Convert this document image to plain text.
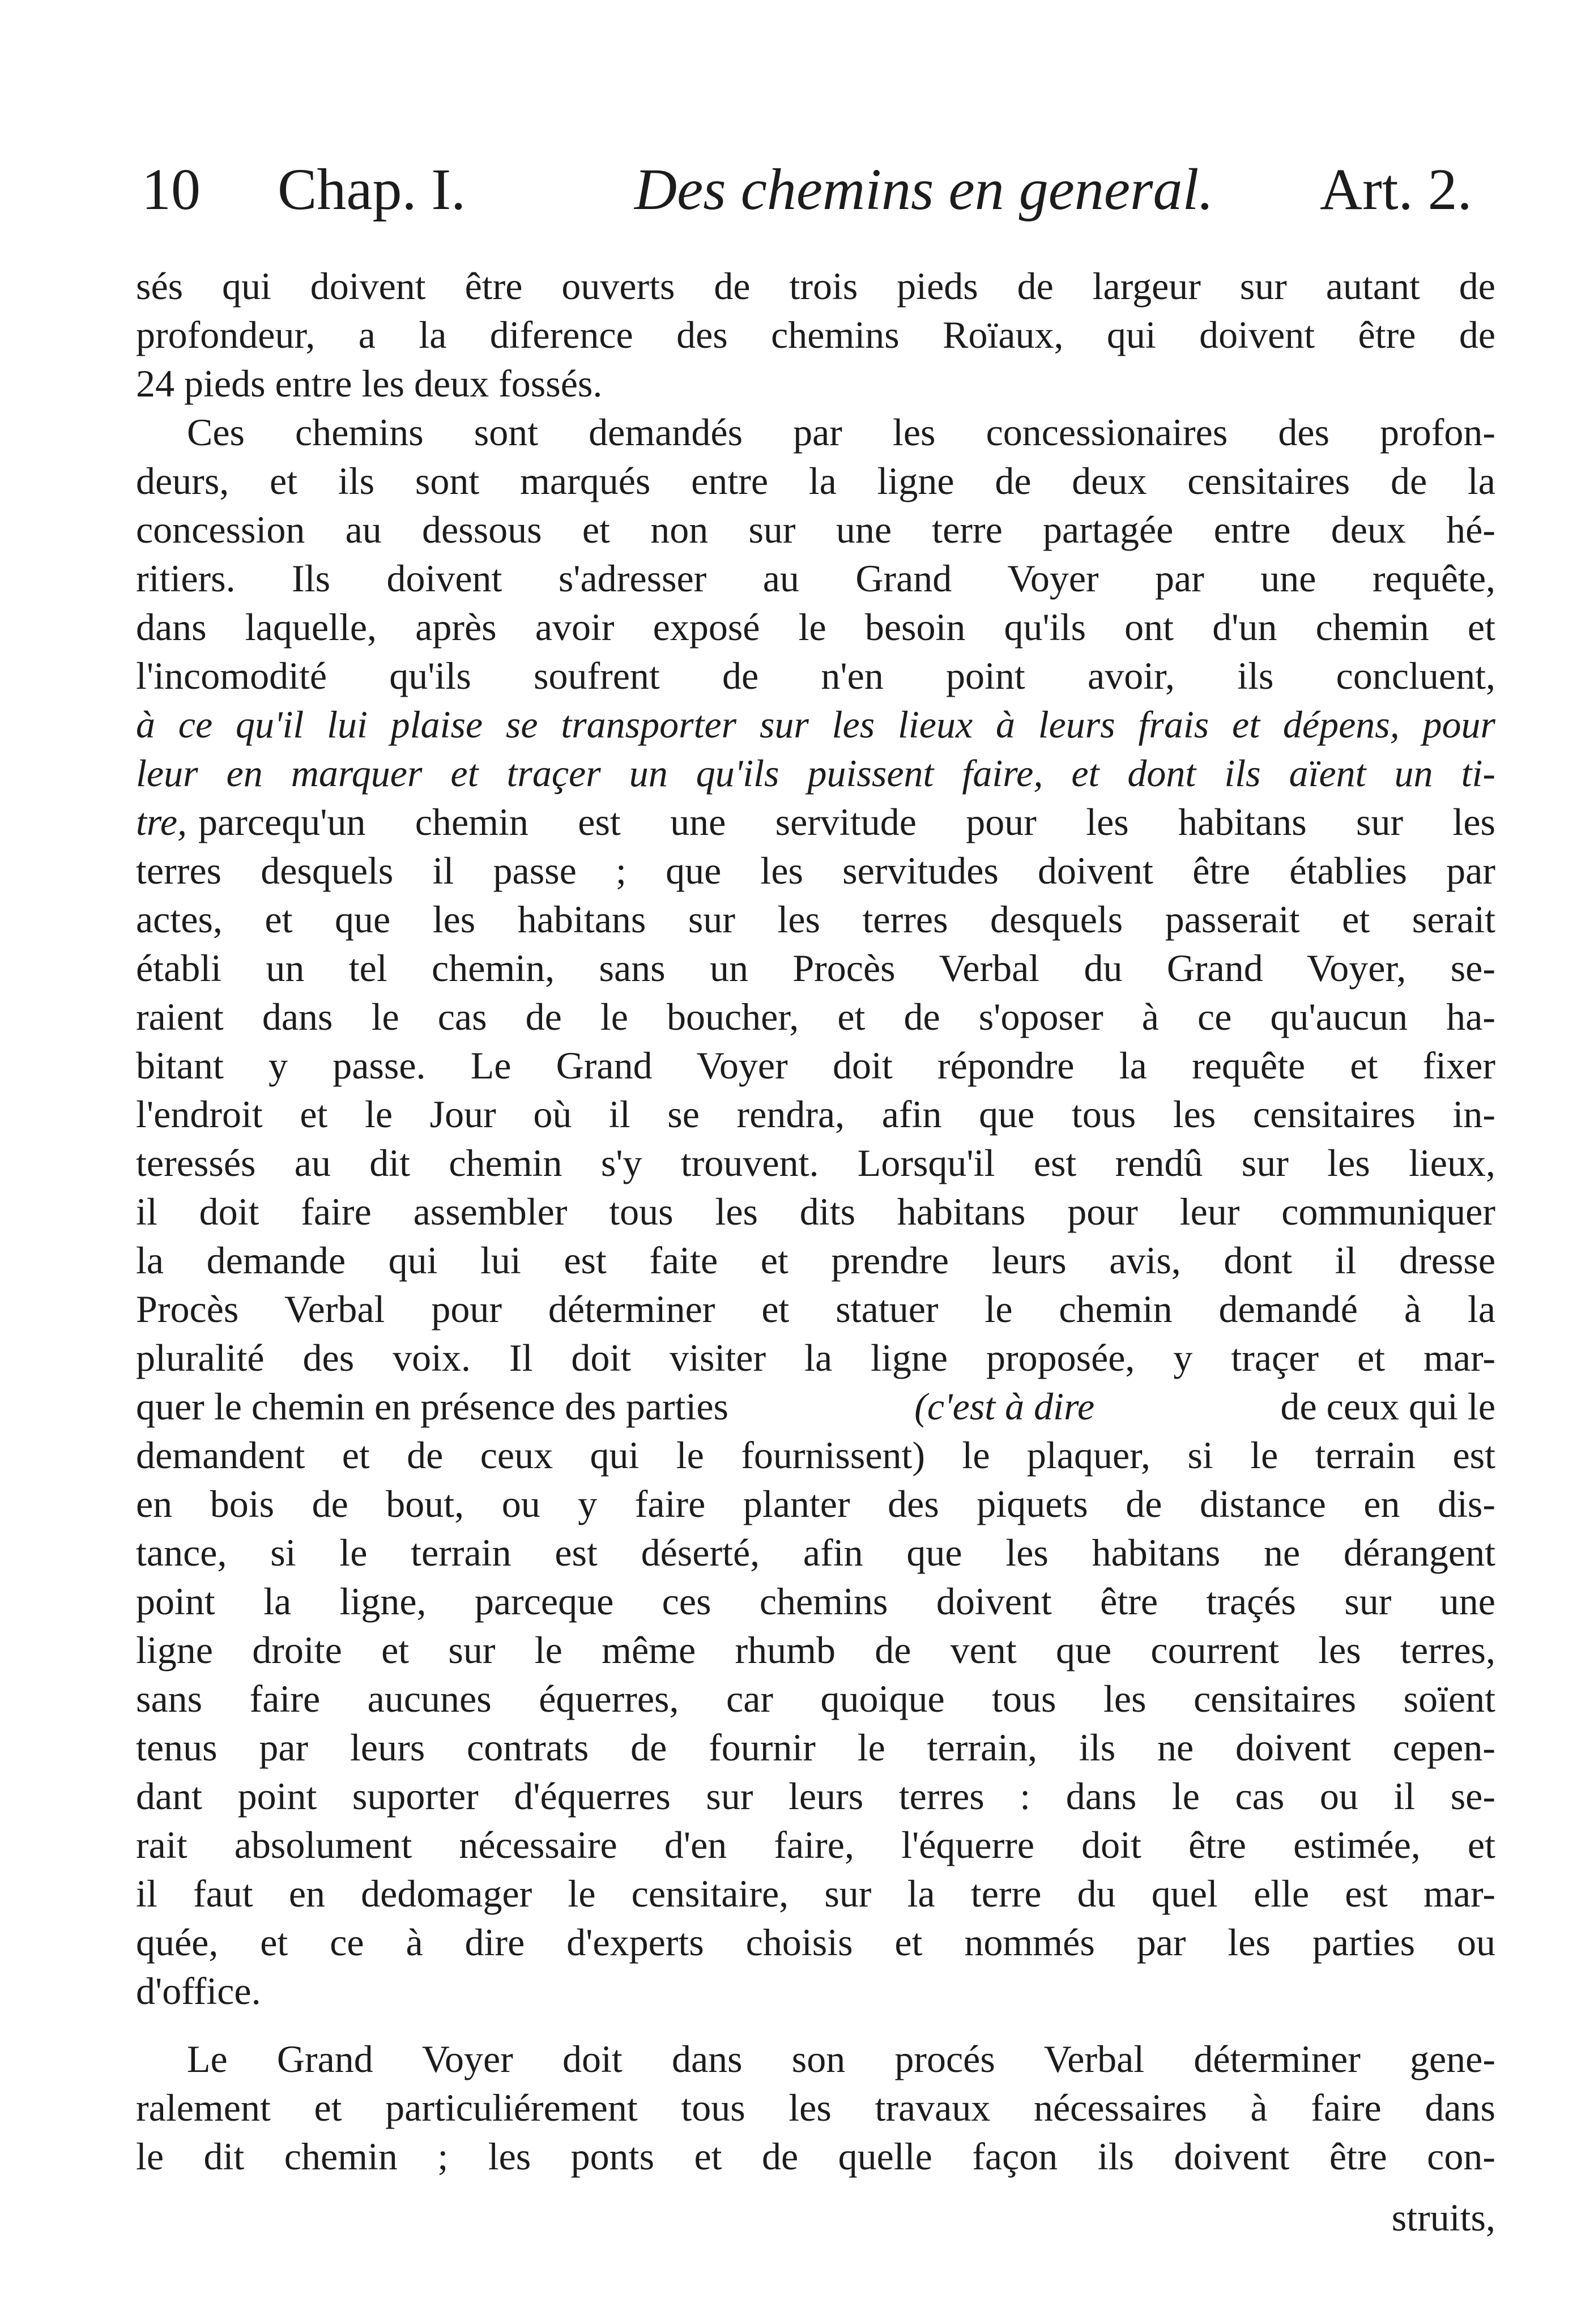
10 Chap. I.	Des chemins en general. Art. 2.
sés qui doivent être ouverts de trois pieds de largeur sur autant de
profondeur, a la diference des chemins Roïaux, qui doivent être de
24 pieds entre les deux fossés.
Ces chemins sont demandés par les concessionaires des profon-
deurs, et ils sont marqués entre la ligne de deux censitaires de la
concession au dessous et non sur une terre partagée entre deux hé-
ritiers. Ils doivent s'adresser au Grand Voyer par une requête,
dans laquelle, après avoir exposé le besoin qu'ils ont d'un chemin et
l'incomodité qu'ils soufrent de n'en point avoir, ils concluent,
à ce qu'il lui plaise se transporter sur les lieux à leurs frais et dépens, pour
leur en marquer et traçer un qu'ils puissent faire, et dont ils aïent un ti-
tre, parcequ'un chemin est une servitude pour les habitans sur les
terres desquels il passe ; que les servitudes doivent être établies par
actes, et que les habitans sur les terres desquels passerait et serait
établi un tel chemin, sans un Procès Verbal du Grand Voyer, se-
raient dans le cas de le boucher, et de s'oposer à ce qu'aucun ha-
bitant y passe. Le Grand Voyer doit répondre la requête et fixer
l'endroit et le Jour où il se rendra, afin que tous les censitaires in-
teressés au dit chemin s'y trouvent. Lorsqu'il est rendû sur les lieux,
il doit faire assembler tous les dits habitans pour leur communiquer
la demande qui lui est faite et prendre leurs avis, dont il dresse
Procès Verbal pour déterminer et statuer le chemin demandé à la
pluralité des voix. Il doit visiter la ligne proposée, y traçer et mar-
quer le chemin en présence des parties	(c'est à dire	de ceux qui le
demandent et de ceux qui le fournissent) le plaquer, si le terrain est
en bois de bout, ou y faire planter des piquets de distance en dis-
tance, si le terrain est déserté, afin que les habitans ne dérangent
point la ligne, parceque ces chemins doivent être traçés sur une
ligne droite et sur le même rhumb de vent que courrent les terres,
sans faire aucunes équerres, car quoique tous les censitaires soïent
tenus par leurs contrats de fournir le terrain, ils ne doivent cepen-
dant point suporter d'équerres sur leurs terres : dans le cas ou il se-
rait absolument nécessaire d'en faire, l'équerre doit être estimée, et
il faut en dedomager le censitaire, sur la terre du quel elle est mar-
quée, et ce à dire d'experts choisis et nommés par les parties ou
d'office.
Le Grand Voyer doit dans son procés Verbal déterminer gene-
ralement et particuliérement tous les travaux nécessaires à faire dans
le dit chemin ; les ponts et de quelle façon ils doivent être con-
struits,
